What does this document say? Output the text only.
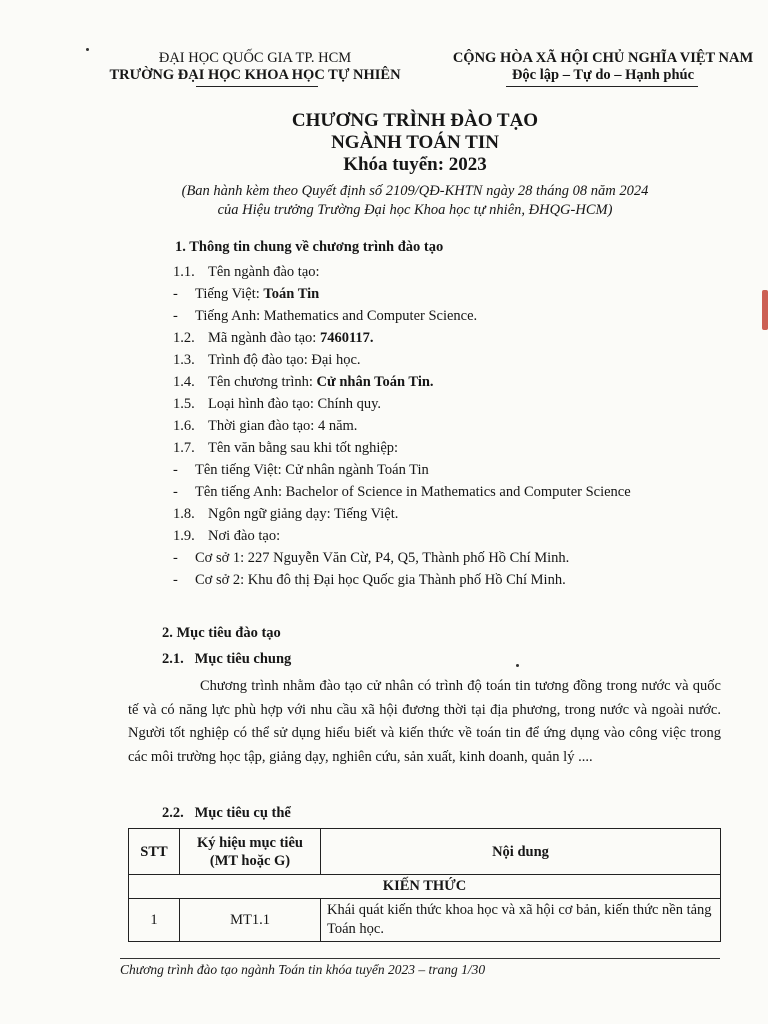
ĐẠI HỌC QUỐC GIA TP. HCM
TRƯỜNG ĐẠI HỌC KHOA HỌC TỰ NHIÊN
CỘNG HÒA XÃ HỘI CHỦ NGHĨA VIỆT NAM
Độc lập – Tự do – Hạnh phúc
CHƯƠNG TRÌNH ĐÀO TẠO
NGÀNH TOÁN TIN
Khóa tuyển: 2023
(Ban hành kèm theo Quyết định số 2109/QĐ-KHTN ngày 28 tháng 08 năm 2024
của Hiệu trưởng Trường Đại học Khoa học tự nhiên, ĐHQG-HCM)
1. Thông tin chung về chương trình đào tạo
1.1. Tên ngành đào tạo:
- Tiếng Việt: Toán Tin
- Tiếng Anh: Mathematics and Computer Science.
1.2. Mã ngành đào tạo: 7460117.
1.3. Trình độ đào tạo: Đại học.
1.4. Tên chương trình: Cử nhân Toán Tin.
1.5. Loại hình đào tạo: Chính quy.
1.6. Thời gian đào tạo: 4 năm.
1.7. Tên văn bằng sau khi tốt nghiệp:
- Tên tiếng Việt: Cử nhân ngành Toán Tin
- Tên tiếng Anh: Bachelor of Science in Mathematics and Computer Science
1.8. Ngôn ngữ giảng dạy: Tiếng Việt.
1.9. Nơi đào tạo:
- Cơ sở 1: 227 Nguyễn Văn Cừ, P4, Q5, Thành phố Hồ Chí Minh.
- Cơ sở 2: Khu đô thị Đại học Quốc gia Thành phố Hồ Chí Minh.
2. Mục tiêu đào tạo
2.1.   Mục tiêu chung
Chương trình nhằm đào tạo cử nhân có trình độ toán tin tương đồng trong nước và quốc tế và có năng lực phù hợp với nhu cầu xã hội đương thời tại địa phương, trong nước và ngoài nước. Người tốt nghiệp có thể sử dụng hiểu biết và kiến thức về toán tin để ứng dụng vào công việc trong các môi trường học tập, giảng dạy, nghiên cứu, sản xuất, kinh doanh, quản lý ....
2.2.   Mục tiêu cụ thể
STT	Ký hiệu mục tiêu (MT hoặc G)	Nội dung
KIẾN THỨC		
1	MT1.1	Khái quát kiến thức khoa học và xã hội cơ bản, kiến thức nền tảng Toán học.
Chương trình đào tạo ngành Toán tin khóa tuyển 2023 – trang 1/30
